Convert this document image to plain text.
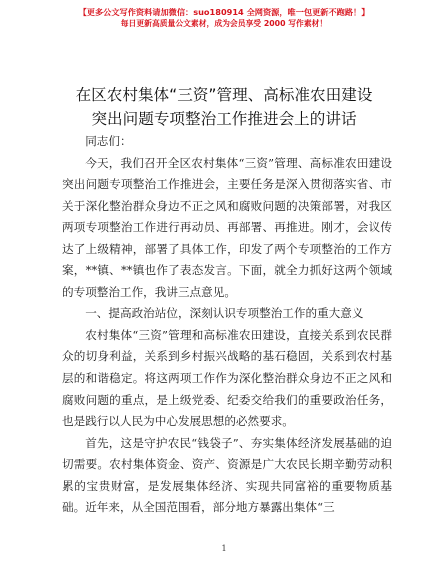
【更多公文写作资料请加微信：suo180914 全网资源，唯一包更新不跑路！】
每日更新高质量公文素材，成为会员享受 2000 写作素材！
在区农村集体“三资”管理、高标准农田建设
突出问题专项整治工作推进会上的讲话

同志们：

今天，我们召开全区农村集体“三资”管理、高标准农田建设突出问题专项整治工作推进会，主要任务是深入贯彻落实省、市关于深化整治群众身边不正之风和腐败问题的决策部署，对我区两项专项整治工作进行再动员、再部署、再推进。刚才，会议传达了上级精神，部署了具体工作，印发了两个专项整治的工作方案，**镇、**镇也作了表态发言。下面，就全力抓好这两个领域的专项整治工作，我讲三点意见。

一、提高政治站位，深刻认识专项整治工作的重大意义

农村集体“三资”管理和高标准农田建设，直接关系到农民群众的切身利益，关系到乡村振兴战略的基石稳固，关系到农村基层的和谐稳定。将这两项工作作为深化整治群众身边不正之风和腐败问题的重点，是上级党委、纪委交给我们的重要政治任务，也是践行以人民为中心发展思想的必然要求。

首先，这是守护农民“钱袋子”、夯实集体经济发展基础的迫切需要。农村集体资金、资产、资源是广大农民长期辛勤劳动积累的宝贵财富，是发展集体经济、实现共同富裕的重要物质基础。近年来，从全国范围看，部分地方暴露出集体“三

1
